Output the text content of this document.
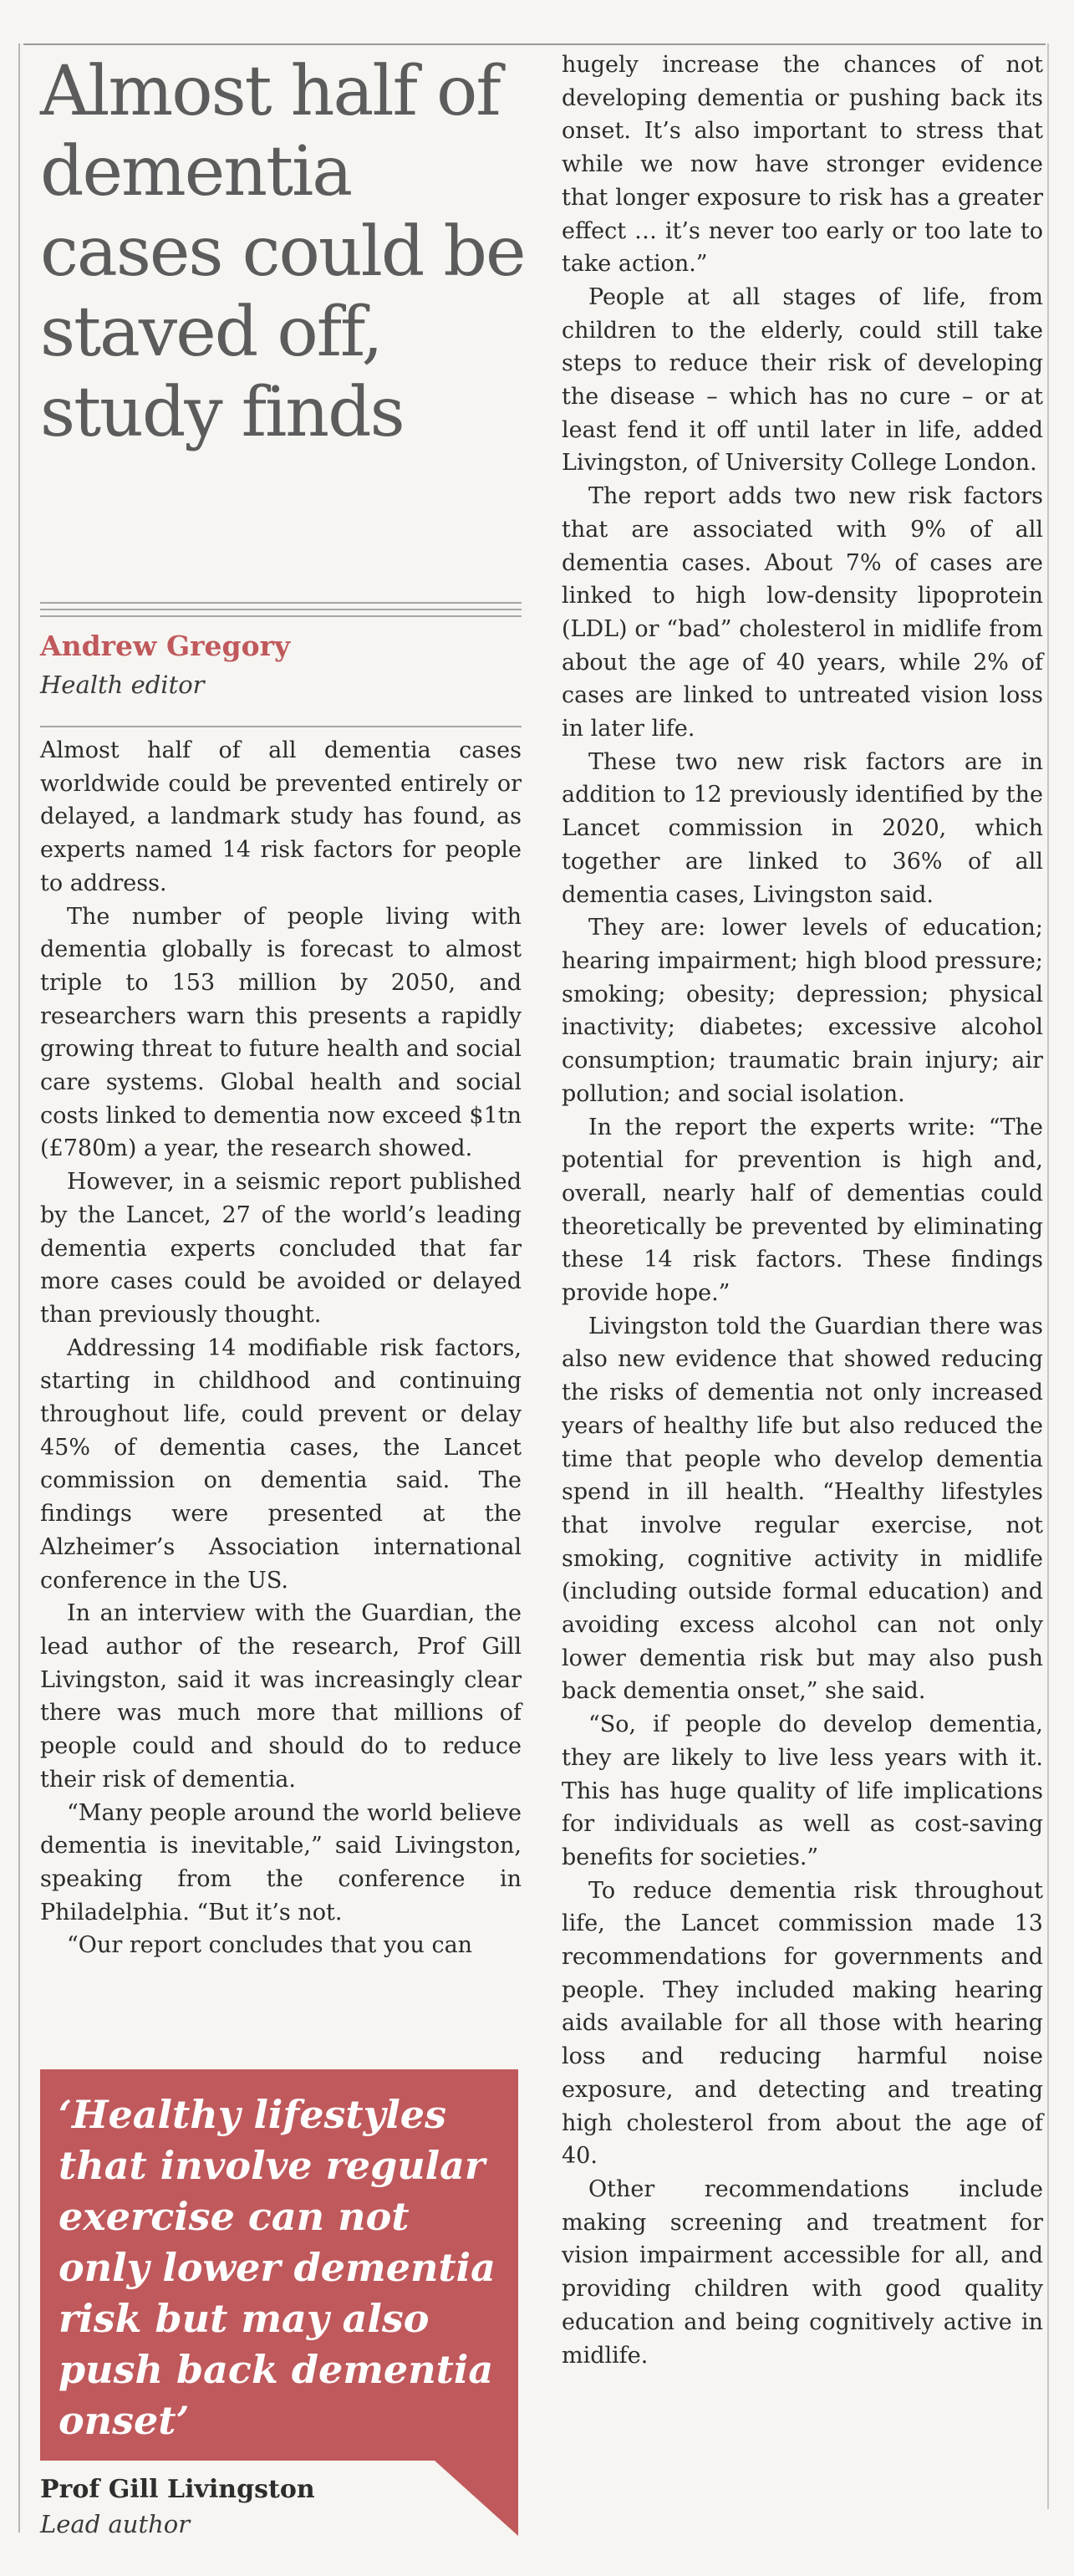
Almost half of dementia cases could be staved off, study finds
Andrew Gregory
Health editor

Almost half of all dementia cases worldwide could be prevented entirely or delayed, a landmark study has found, as experts named 14 risk factors for people to address.

The number of people living with dementia globally is forecast to almost triple to 153 million by 2050, and researchers warn this presents a rapidly growing threat to future health and social care systems. Global health and social costs linked to dementia now exceed $1tn (£780m) a year, the research showed.

However, in a seismic report published by the Lancet, 27 of the world’s leading dementia experts concluded that far more cases could be avoided or delayed than previously thought.

Addressing 14 modifiable risk factors, starting in childhood and continuing throughout life, could prevent or delay 45% of dementia cases, the Lancet commission on dementia said. The findings were presented at the Alzheimer’s Association international conference in the US.

In an interview with the Guardian, the lead author of the research, Prof Gill Livingston, said it was increasingly clear there was much more that millions of people could and should do to reduce their risk of dementia.

“Many people around the world believe dementia is inevitable,” said Livingston, speaking from the conference in Philadelphia. “But it’s not.

“Our report concludes that you can

hugely increase the chances of not developing dementia or pushing back its onset. It’s also important to stress that while we now have stronger evidence that longer exposure to risk has a greater effect … it’s never too early or too late to take action.”

People at all stages of life, from children to the elderly, could still take steps to reduce their risk of developing the disease – which has no cure – or at least fend it off until later in life, added Livingston, of University College London.

The report adds two new risk factors that are associated with 9% of all dementia cases. About 7% of cases are linked to high low-density lipoprotein (LDL) or “bad” cholesterol in midlife from about the age of 40 years, while 2% of cases are linked to untreated vision loss in later life.

These two new risk factors are in addition to 12 previously identified by the Lancet commission in 2020, which together are linked to 36% of all dementia cases, Livingston said.

They are: lower levels of education; hearing impairment; high blood pressure; smoking; obesity; depression; physical inactivity; diabetes; excessive alcohol consumption; traumatic brain injury; air pollution; and social isolation.

In the report the experts write: “The potential for prevention is high and, overall, nearly half of dementias could theoretically be prevented by eliminating these 14 risk factors. These findings provide hope.”

Livingston told the Guardian there was also new evidence that showed reducing the risks of dementia not only increased years of healthy life but also reduced the time that people who develop dementia spend in ill health. “Healthy lifestyles that involve regular exercise, not smoking, cognitive activity in midlife (including outside formal education) and avoiding excess alcohol can not only lower dementia risk but may also push back dementia onset,” she said.

“So, if people do develop dementia, they are likely to live less years with it. This has huge quality of life implications for individuals as well as cost-saving benefits for societies.”

To reduce dementia risk throughout life, the Lancet commission made 13 recommendations for governments and people. They included making hearing aids available for all those with hearing loss and reducing harmful noise exposure, and detecting and treating high cholesterol from about the age of 40.

Other recommendations include making screening and treatment for vision impairment accessible for all, and providing children with good quality education and being cognitively active in midlife.

‘Healthy lifestyles that involve regular exercise can not only lower dementia risk but may also push back dementia onset’

Prof Gill Livingston
Lead author
